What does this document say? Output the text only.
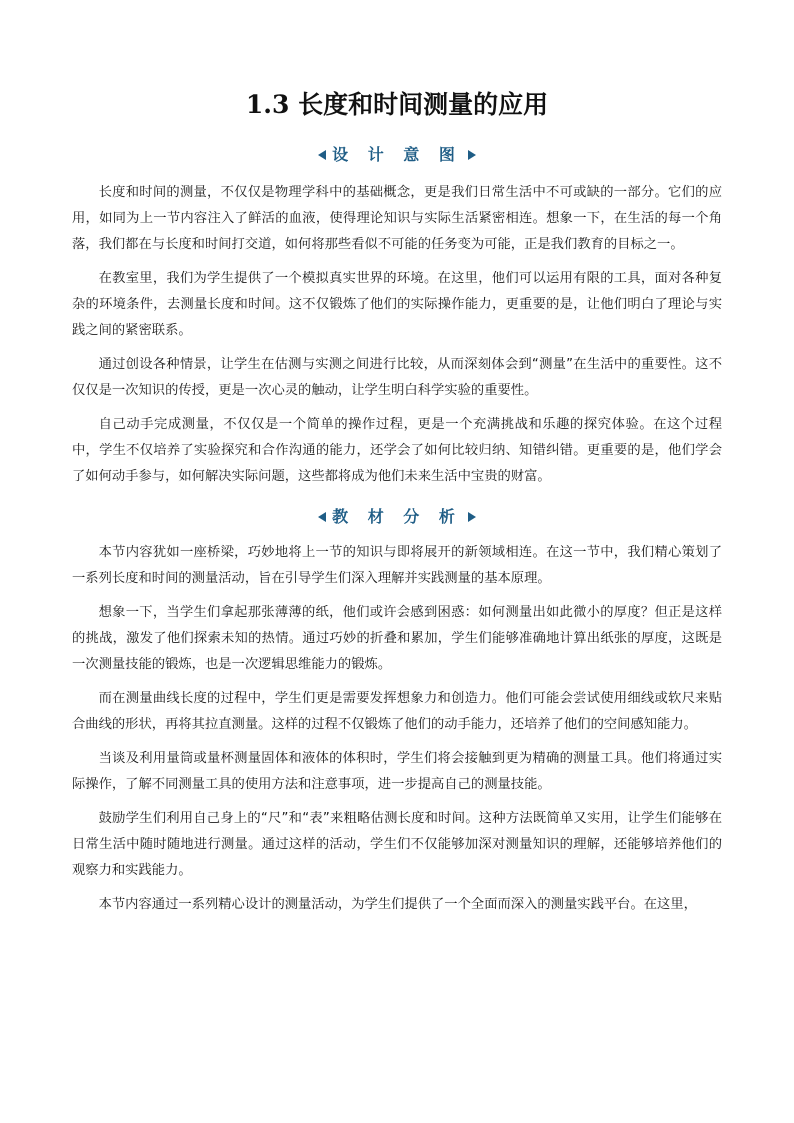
1.3 长度和时间测量的应用
设 计 意 图

长度和时间的测量，不仅仅是物理学科中的基础概念，更是我们日常生活中不可或缺的一部分。它们的应用，如同为上一节内容注入了鲜活的血液，使得理论知识与实际生活紧密相连。想象一下，在生活的每一个角落，我们都在与长度和时间打交道，如何将那些看似不可能的任务变为可能，正是我们教育的目标之一。

在教室里，我们为学生提供了一个模拟真实世界的环境。在这里，他们可以运用有限的工具，面对各种复杂的环境条件，去测量长度和时间。这不仅锻炼了他们的实际操作能力，更重要的是，让他们明白了理论与实践之间的紧密联系。

通过创设各种情景，让学生在估测与实测之间进行比较，从而深刻体会到“测量”在生活中的重要性。这不仅仅是一次知识的传授，更是一次心灵的触动，让学生明白科学实验的重要性。

自己动手完成测量，不仅仅是一个简单的操作过程，更是一个充满挑战和乐趣的探究体验。在这个过程中，学生不仅培养了实验探究和合作沟通的能力，还学会了如何比较归纳、知错纠错。更重要的是，他们学会了如何动手参与，如何解决实际问题，这些都将成为他们未来生活中宝贵的财富。

教 材 分 析

本节内容犹如一座桥梁，巧妙地将上一节的知识与即将展开的新领域相连。在这一节中，我们精心策划了一系列长度和时间的测量活动，旨在引导学生们深入理解并实践测量的基本原理。

想象一下，当学生们拿起那张薄薄的纸，他们或许会感到困惑：如何测量出如此微小的厚度？但正是这样的挑战，激发了他们探索未知的热情。通过巧妙的折叠和累加，学生们能够准确地计算出纸张的厚度，这既是一次测量技能的锻炼，也是一次逻辑思维能力的锻炼。

而在测量曲线长度的过程中，学生们更是需要发挥想象力和创造力。他们可能会尝试使用细线或软尺来贴合曲线的形状，再将其拉直测量。这样的过程不仅锻炼了他们的动手能力，还培养了他们的空间感知能力。

当谈及利用量筒或量杯测量固体和液体的体积时，学生们将会接触到更为精确的测量工具。他们将通过实际操作，了解不同测量工具的使用方法和注意事项，进一步提高自己的测量技能。

鼓励学生们利用自己身上的“尺”和“表”来粗略估测长度和时间。这种方法既简单又实用，让学生们能够在日常生活中随时随地进行测量。通过这样的活动，学生们不仅能够加深对测量知识的理解，还能够培养他们的观察力和实践能力。

本节内容通过一系列精心设计的测量活动，为学生们提供了一个全面而深入的测量实践平台。在这里，
